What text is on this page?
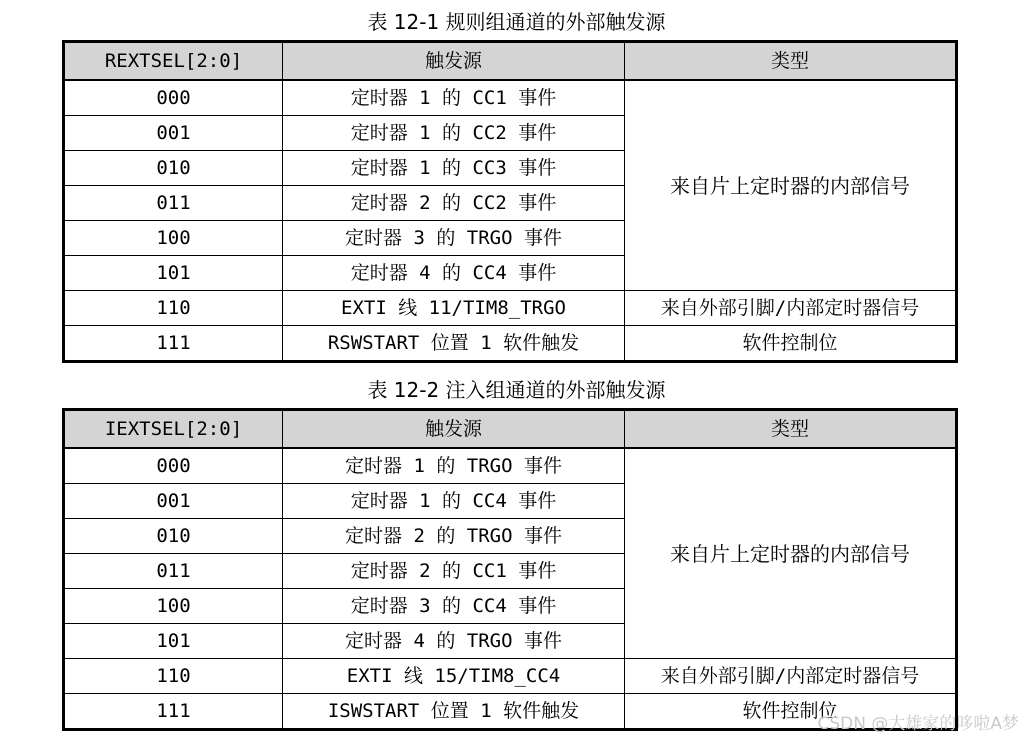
表 12-1 规则组通道的外部触发源
REXTSEL[2:0]	触发源	类型
000	定时器 1 的 CC1 事件	来自片上定时器的内部信号
001	定时器 1 的 CC2 事件	
010	定时器 1 的 CC3 事件	
011	定时器 2 的 CC2 事件	
100	定时器 3 的 TRGO 事件	
101	定时器 4 的 CC4 事件	
110	EXTI 线 11/TIM8_TRGO	来自外部引脚/内部定时器信号
111	RSWSTART 位置 1 软件触发	软件控制位
表 12-2 注入组通道的外部触发源
IEXTSEL[2:0]	触发源	类型
000	定时器 1 的 TRGO 事件	来自片上定时器的内部信号
001	定时器 1 的 CC4 事件	
010	定时器 2 的 TRGO 事件	
011	定时器 2 的 CC1 事件	
100	定时器 3 的 CC4 事件	
101	定时器 4 的 TRGO 事件	
110	EXTI 线 15/TIM8_CC4	来自外部引脚/内部定时器信号
111	ISWSTART 位置 1 软件触发	软件控制位
CSDN @大雄家的哆啦A梦
